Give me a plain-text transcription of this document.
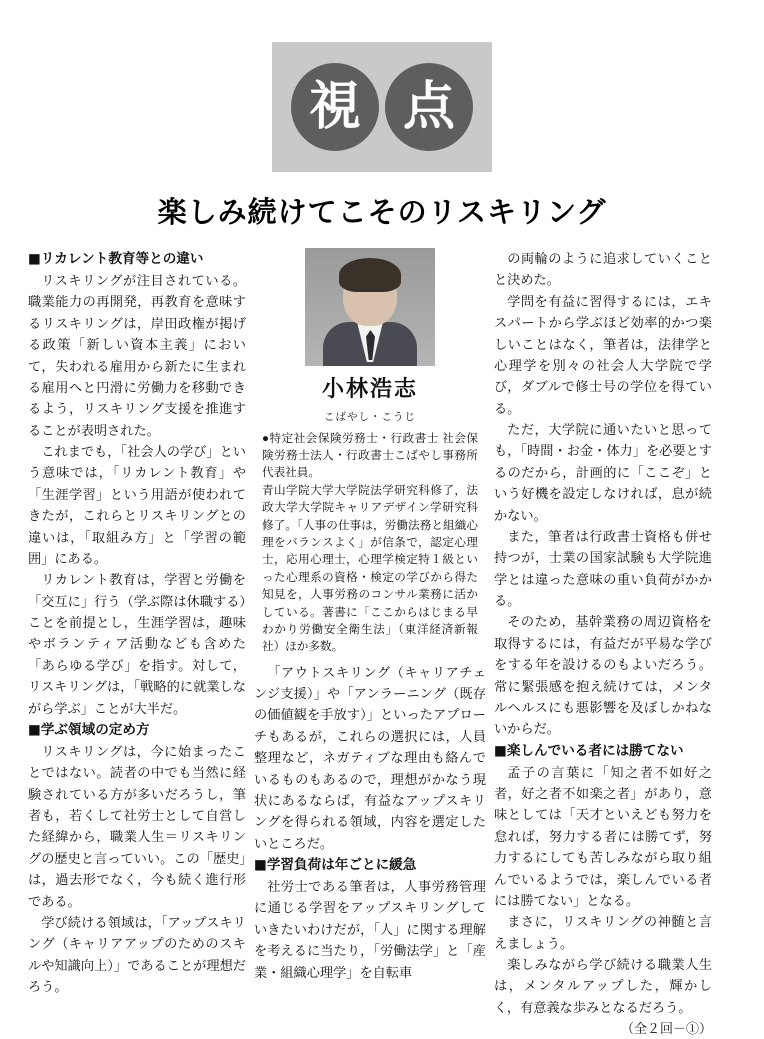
視 点
楽しみ続けてこそのリスキリング

■リカレント教育等との違い

リスキリングが注目されている。職業能力の再開発，再教育を意味するリスキリングは，岸田政権が掲げる政策「新しい資本主義」において，失われる雇用から新たに生まれる雇用へと円滑に労働力を移動できるよう，リスキリング支援を推進することが表明された。

これまでも，「社会人の学び」という意味では，「リカレント教育」や「生涯学習」という用語が使われてきたが，これらとリスキリングとの違いは，「取組み方」と「学習の範囲」にある。

リカレント教育は，学習と労働を「交互に」行う（学ぶ際は休職する）ことを前提とし，生涯学習は，趣味やボランティア活動なども含めた「あらゆる学び」を指す。対して，リスキリングは，「戦略的に就業しながら学ぶ」ことが大半だ。

■学ぶ領域の定め方

リスキリングは，今に始まったことではない。読者の中でも当然に経験されている方が多いだろうし，筆者も，若くして社労士として自営した経緯から，職業人生＝リスキリングの歴史と言っていい。この「歴史」は，過去形でなく，今も続く進行形である。

学び続ける領域は，「アップスキリング（キャリアアップのためのスキルや知識向上）」であることが理想だろう。

小林浩志
こばやし・こうじ

●特定社会保険労務士・行政書士 社会保険労務士法人・行政書士こばやし事務所　代表社員。

青山学院大学大学院法学研究科修了，法政大学大学院キャリアデザイン学研究科修了。「人事の仕事は，労働法務と組織心理をバランスよく」が信条で，認定心理士，応用心理士，心理学検定特１級といった心理系の資格・検定の学びから得た知見を，人事労務のコンサル業務に活かしている。著書に「ここからはじまる早わかり労働安全衛生法」（東洋経済新報社）ほか多数。

「アウトスキリング（キャリアチェンジ支援）」や「アンラーニング（既存の価値観を手放す）」といったアプローチもあるが，これらの選択には，人員整理など，ネガティブな理由も絡んでいるものもあるので，理想がかなう現状にあるならば，有益なアップスキリングを得られる領域，内容を選定したいところだ。

■学習負荷は年ごとに緩急

社労士である筆者は，人事労務管理に通じる学習をアップスキリングしていきたいわけだが，「人」に関する理解を考えるに当たり，「労働法学」と「産業・組織心理学」を自転車

の両輪のように追求していくことと決めた。

学問を有益に習得するには，エキスパートから学ぶほど効率的かつ楽しいことはなく，筆者は，法律学と心理学を別々の社会人大学院で学び，ダブルで修士号の学位を得ている。

ただ，大学院に通いたいと思っても，「時間・お金・体力」を必要とするのだから，計画的に「ここぞ」という好機を設定しなければ，息が続かない。

また，筆者は行政書士資格も併せ持つが，士業の国家試験も大学院進学とは違った意味の重い負荷がかかる。

そのため，基幹業務の周辺資格を取得するには，有益だが平易な学びをする年を設けるのもよいだろう。常に緊張感を抱え続けては，メンタルヘルスにも悪影響を及ぼしかねないからだ。

■楽しんでいる者には勝てない

孟子の言葉に「知之者不如好之者，好之者不如楽之者」があり，意味としては「天才といえども努力を怠れば，努力する者には勝てず，努力するにしても苦しみながら取り組んでいるようでは，楽しんでいる者には勝てない」となる。

まさに，リスキリングの神髄と言えましょう。

楽しみながら学び続ける職業人生は，メンタルアップした，輝かしく，有意義な歩みとなるだろう。

（全２回－①）
